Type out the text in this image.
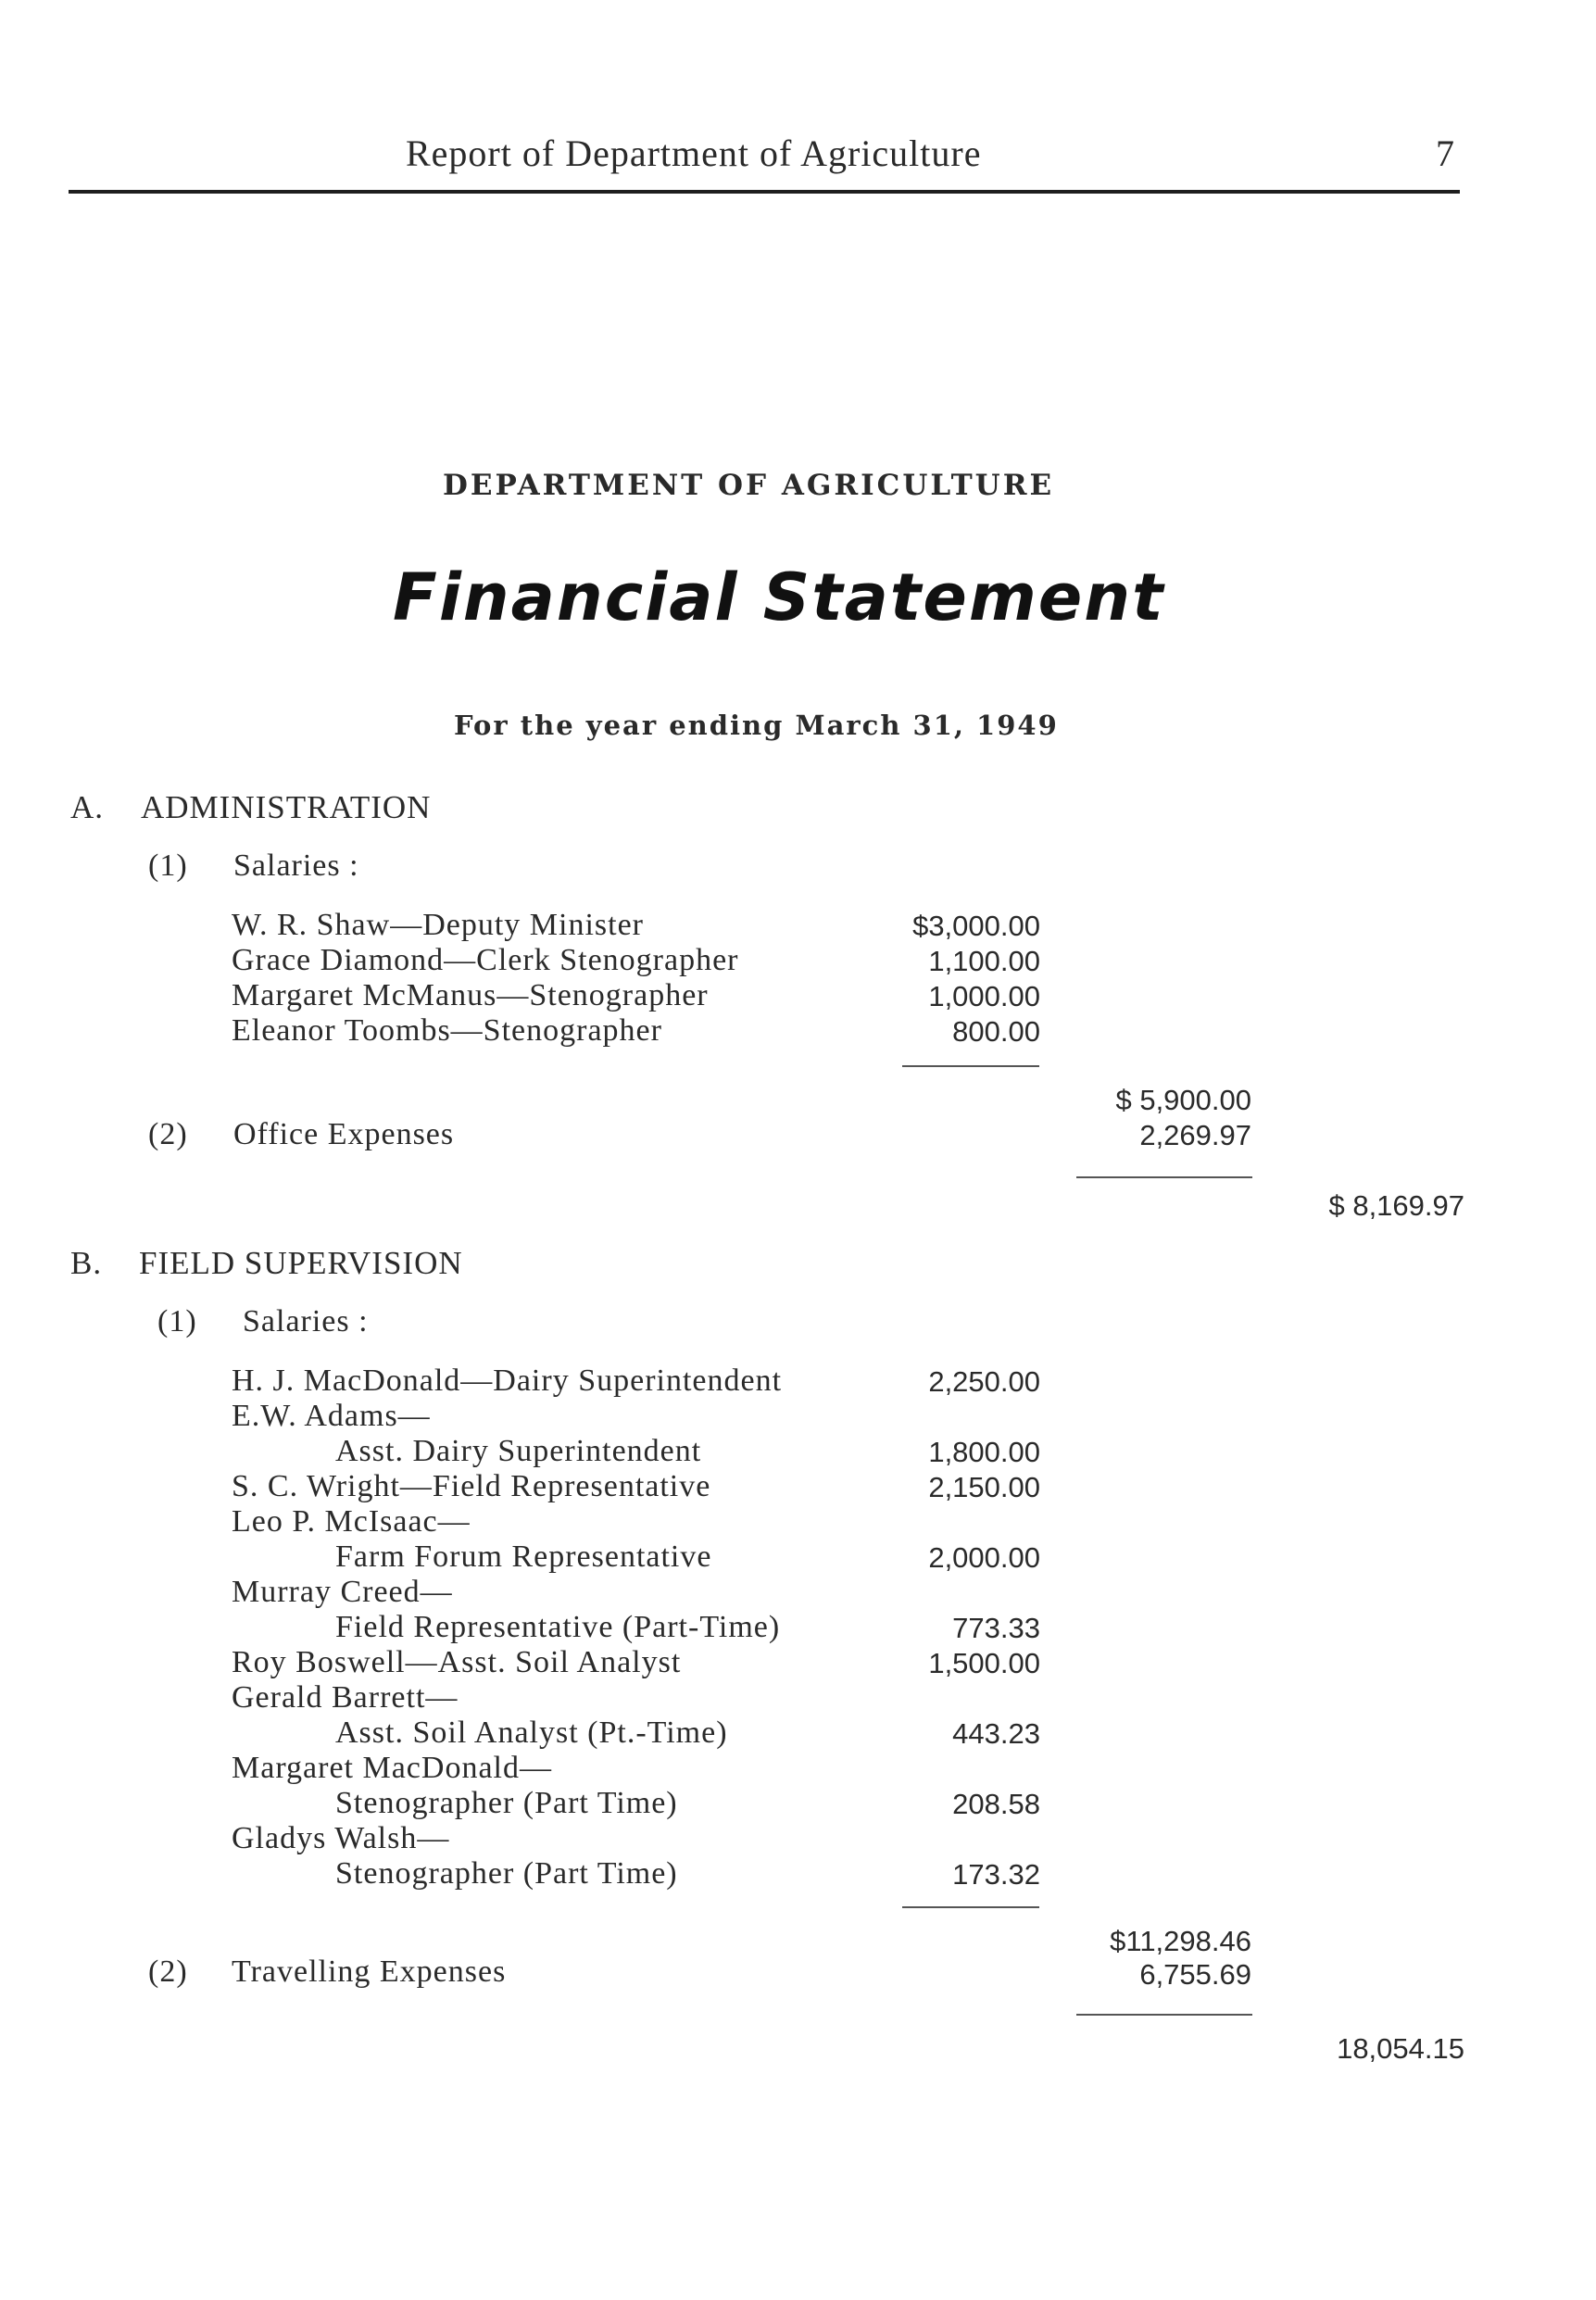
Report of Department of Agriculture	7
DEPARTMENT OF AGRICULTURE
Financial Statement
For the year ending March 31, 1949
A. ADMINISTRATION
(1) Salaries :
W. R. Shaw—Deputy Minister	$3,000.00
Grace Diamond—Clerk Stenographer	1,100.00
Margaret McManus—Stenographer	1,000.00
Eleanor Toombs—Stenographer	800.00
$ 5,900.00
(2) Office Expenses	2,269.97
$ 8,169.97
B. FIELD SUPERVISION
(1) Salaries :
H. J. MacDonald—Dairy Superintendent	2,250.00
E.W. Adams—
Asst. Dairy Superintendent	1,800.00
S. C. Wright—Field Representative	2,150.00
Leo P. McIsaac—
Farm Forum Representative	2,000.00
Murray Creed—
Field Representative (Part-Time)	773.33
Roy Boswell—Asst. Soil Analyst	1,500.00
Gerald Barrett—
Asst. Soil Analyst (Pt.-Time)	443.23
Margaret MacDonald—
Stenographer (Part Time)	208.58
Gladys Walsh—
Stenographer (Part Time)	173.32
$11,298.46
(2) Travelling Expenses	6,755.69
18,054.15
